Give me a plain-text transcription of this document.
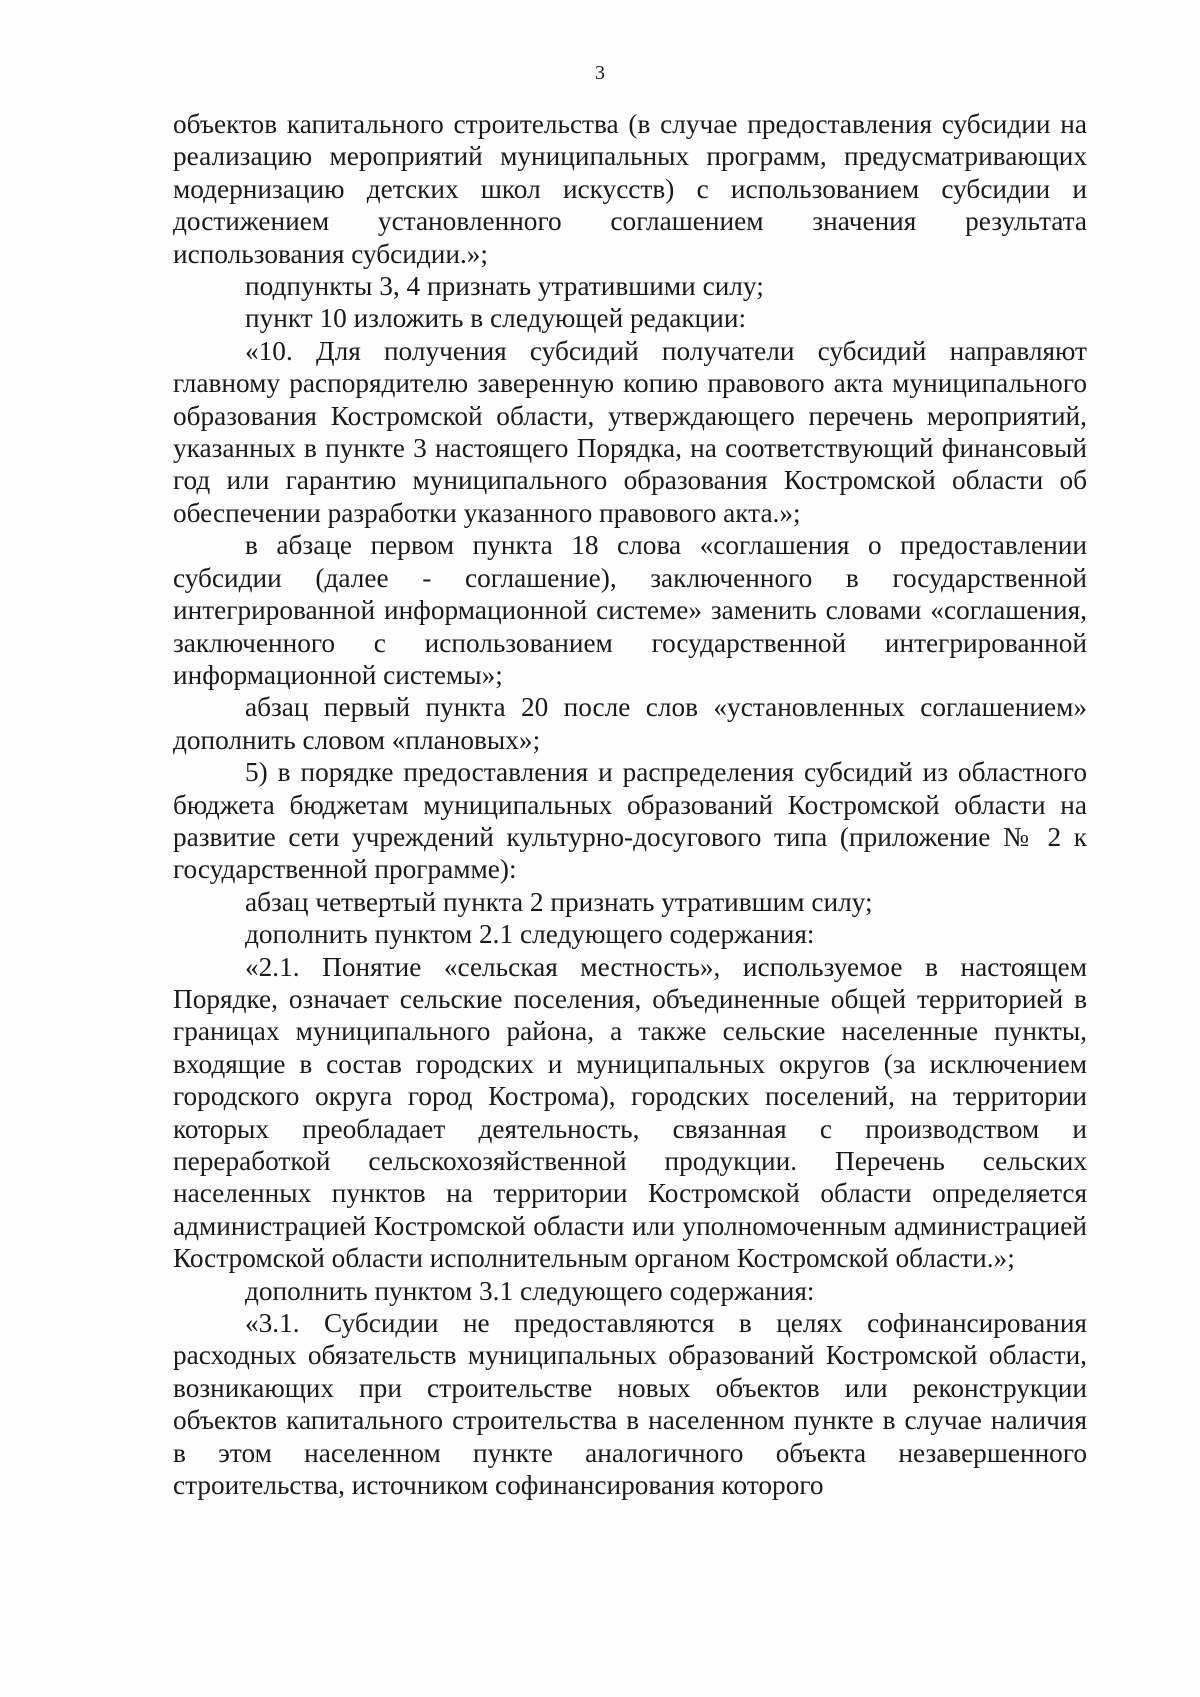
3

объектов капитального строительства (в случае предоставления субсидии на реализацию мероприятий муниципальных программ, предусматривающих модернизацию детских школ искусств) с использованием субсидии и достижением установленного соглашением значения результата использования субсидии.»;

подпункты 3, 4 признать утратившими силу;

пункт 10 изложить в следующей редакции:

«10. Для получения субсидий получатели субсидий направляют главному распорядителю заверенную копию правового акта муниципального образования Костромской области, утверждающего перечень мероприятий, указанных в пункте 3 настоящего Порядка, на соответствующий финансовый год или гарантию муниципального образования Костромской области об обеспечении разработки указанного правового акта.»;

в абзаце первом пункта 18 слова «соглашения о предоставлении субсидии (далее - соглашение), заключенного в государственной интегрированной информационной системе» заменить словами «соглашения, заключенного с использованием государственной интегрированной информационной системы»;

абзац первый пункта 20 после слов «установленных соглашением» дополнить словом «плановых»;

5) в порядке предоставления и распределения субсидий из областного бюджета бюджетам муниципальных образований Костромской области на развитие сети учреждений культурно-досугового типа (приложение № 2 к государственной программе):

абзац четвертый пункта 2 признать утратившим силу;

дополнить пунктом 2.1 следующего содержания:

«2.1. Понятие «сельская местность», используемое в настоящем Порядке, означает сельские поселения, объединенные общей территорией в границах муниципального района, а также сельские населенные пункты, входящие в состав городских и муниципальных округов (за исключением городского округа город Кострома), городских поселений, на территории которых преобладает деятельность, связанная с производством и переработкой сельскохозяйственной продукции. Перечень сельских населенных пунктов на территории Костромской области определяется администрацией Костромской области или уполномоченным администрацией Костромской области исполнительным органом Костромской области.»;

дополнить пунктом 3.1 следующего содержания:

«3.1. Субсидии не предоставляются в целях софинансирования расходных обязательств муниципальных образований Костромской области, возникающих при строительстве новых объектов или реконструкции объектов капитального строительства в населенном пункте в случае наличия в этом населенном пункте аналогичного объекта незавершенного строительства, источником софинансирования которого
